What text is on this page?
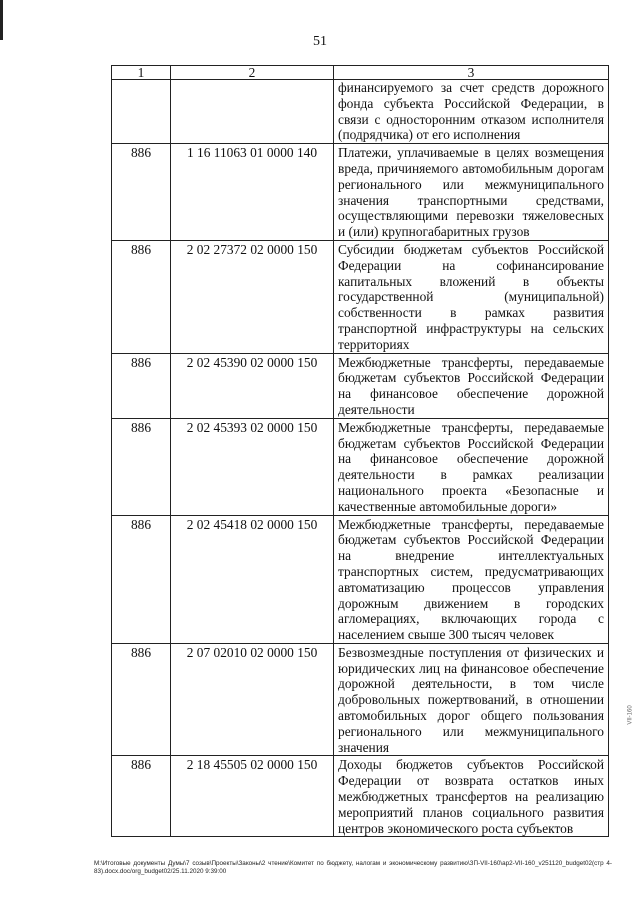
51
1	2	3
		финансируемого за счет средств дорожного фонда субъекта Российской Федерации, в связи с односторонним отказом исполнителя (подрядчика) от его исполнения
886	1 16 11063 01 0000 140	Платежи, уплачиваемые в целях возмещения вреда, причиняемого автомобильным дорогам регионального или межмуниципального значения транспортными средствами, осуществляющими перевозки тяжеловесных и (или) крупногабаритных грузов
886	2 02 27372 02 0000 150	Субсидии бюджетам субъектов Российской Федерации на софинансирование капитальных вложений в объекты государственной (муниципальной) собственности в рамках развития транспортной инфраструктуры на сельских территориях
886	2 02 45390 02 0000 150	Межбюджетные трансферты, передаваемые бюджетам субъектов Российской Федерации на финансовое обеспечение дорожной деятельности
886	2 02 45393 02 0000 150	Межбюджетные трансферты, передаваемые бюджетам субъектов Российской Федерации на финансовое обеспечение дорожной деятельности в рамках реализации национального проекта «Безопасные и качественные автомобильные дороги»
886	2 02 45418 02 0000 150	Межбюджетные трансферты, передаваемые бюджетам субъектов Российской Федерации на внедрение интеллектуальных транспортных систем, предусматривающих автоматизацию процессов управления дорожным движением в городских агломерациях, включающих города с населением свыше 300 тысяч человек
886	2 07 02010 02 0000 150	Безвозмездные поступления от физических и юридических лиц на финансовое обеспечение дорожной деятельности, в том числе добровольных пожертвований, в отношении автомобильных дорог общего пользования регионального или межмуниципального значения
886	2 18 45505 02 0000 150	Доходы бюджетов субъектов Российской Федерации от возврата остатков иных межбюджетных трансфертов на реализацию мероприятий планов социального развития центров экономического роста субъектов
M:\Итоговые документы Думы\7 созыв\Проекты\Законы\2 чтение\Комитет по бюджету, налогам и экономическому развитию\ЗП-VII-160\ap2-VII-160_v251120_budget02(стр 4-83).docx.doc/org_budget02/25.11.2020 9:39:00
VII-160
